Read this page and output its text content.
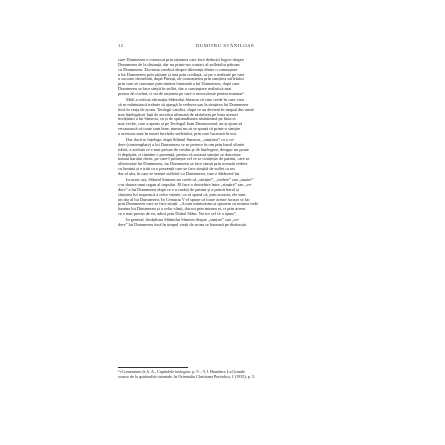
12	DUMITRU STĂNILOAE
care Dumnezeu e cunoscut prin rațiunea care face deducții logice despre
Dumnezeu de la distanță, dar nu printr-un contact al sufletului pătruns
cu Dumnezeu. Doctrina catolică despre diferența dintre o cunoaștere
a lui Dumnezeu prin rațiune și una prin credință, ca pe o realitate pe care
o socoate deosebită, după Părinți, de cunoașterea prin simțirea sufletului
prin care se cunoaște prin mintea luminată a lui Dumnezeu, după care
Dumnezeu se face simțit în suflet, dar o cunoaștere realistică mai
presus de cuvânt, ci nu de rațiunea pe care o nesocotește pentru minune¹.
Mult a criticat afirmația Sfântului Simeon că cine crede în care vrea
să se mântuiască trebuie să ajungă la vederea sau la simțirea lui Dumnezeu
încă în viața de acum. Teologii catolici, după ce au devenit în timpul din urmă
mai înțelegători față de ascetica afirmată de răsăriteni pe linia acestei
învățături a lui Simeon, ca și de spiritualitatea răsăriteană pe linia ei
mai veche, care a aprins și pe Teologul Ioan Damascenul, au și ajuns să
recunoască că toate sunt bine, numai nu să se spună că printr-o simțire
a acestora sunt în temei lucrările sufletului, prin care lucrează în noi.
Dar dacă se înțelege, după Sfântul Simeon, „simțirea” ca o ve-
dere (contemplare) a lui Dumnezeu ce se petrece în om prin harul sfintei
iubiri, a aceluia ce e mai presus de cuvânt și de înțelegere, desigur nu poate
fi depășită, ci rămâne o prezență, pentru că această simțire se datorește
numai harului divin, pe care-l primește cel ce se curățește de patimi, care se
afierosește lui Dumnezeu, iar Dumnezeu se face simțit prin această vedere
ca lumină și e trăit ca o prezență care se face simțită de suflet ca un
dar al său, în care se unește sufletul cu Dumnezeu, care e dătătorul lui.
În acest caz, Sfântul Simeon nu crede că „simțire”, „vedere” sau „auzire”
s-ar datora unui organ al trupului. El face o deosebire între „simțire” sau „ve-
dere” a lui Dumnezeu după ce s-a curățit de patimi și a primit harul și
simțirea lui trupească a celor văzute, ca să spună că, prin aceasta, ele sunt
un dar al lui Dumnezeu. În Centuria V el spune că toate aceste lucruri se fac
prin Dumnezeu care se face simțit. „Acum mărturisim și spunem că mintea vede
lumina lui Dumnezeu și a celor sfinți, dar nu prin mintea ei, ci prin aceea
ce e mai presus de ea, adică prin Duhul Sfânt. Nu tot cel ce a ajuns”.
În general, învățătura Sfântului Simeon despre „simțire” sau „ve-
dere” lui Dumnezeu încă în timpul vieții de acum se bazează pe distincția
¹) Comentariu la A. A., Capitolele teologice, p. 9 – ²) J. Hausherr, La Grande
source de la spiritualité orientale, în Orientalia Christiana Periodica, 1 (1935), p. 5.
